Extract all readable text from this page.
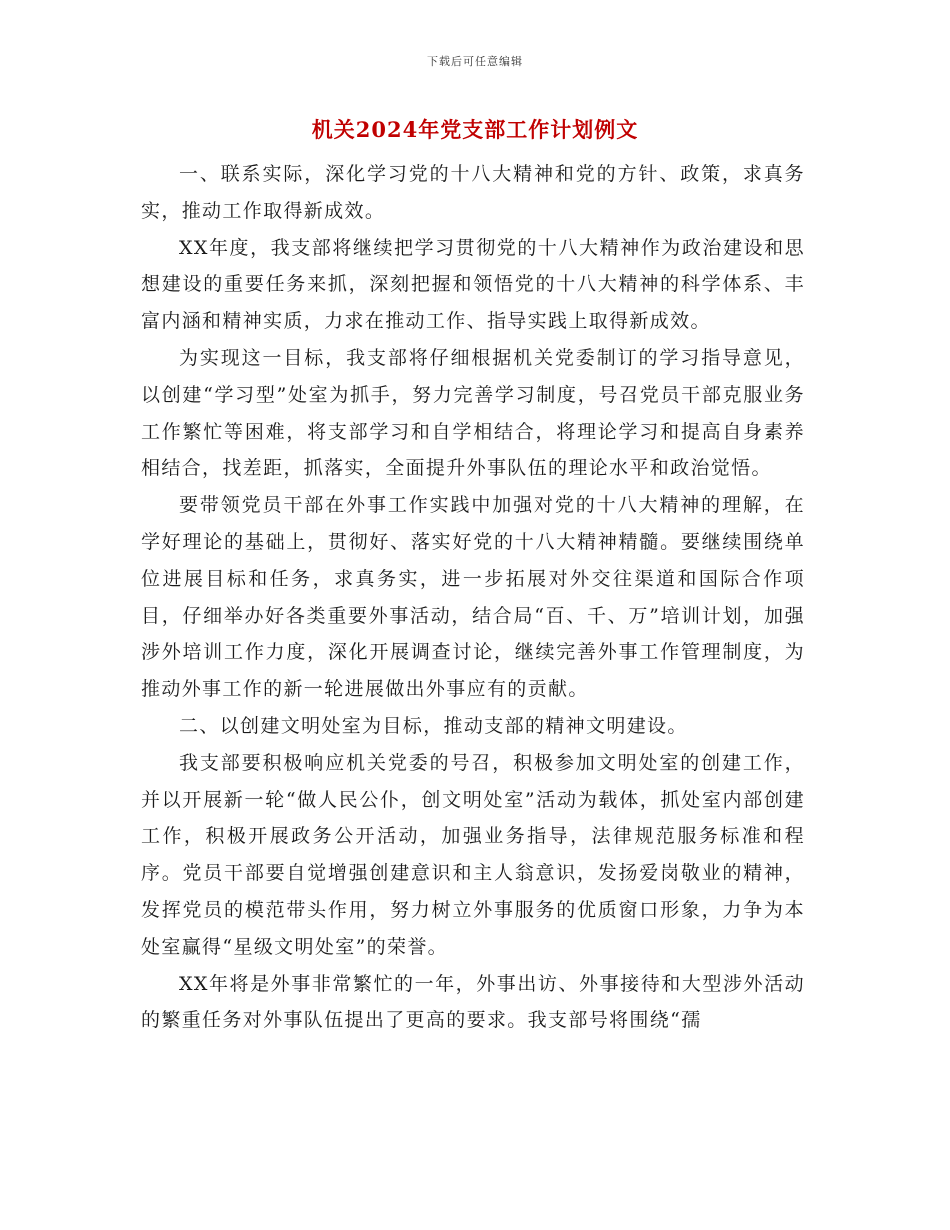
下载后可任意编辑
机关2024年党支部工作计划例文

一、联系实际，深化学习党的十八大精神和党的方针、政策，求真务实，推动工作取得新成效。

XX年度，我支部将继续把学习贯彻党的十八大精神作为政治建设和思想建设的重要任务来抓，深刻把握和领悟党的十八大精神的科学体系、丰富内涵和精神实质，力求在推动工作、指导实践上取得新成效。

为实现这一目标，我支部将仔细根据机关党委制订的学习指导意见，以创建“学习型”处室为抓手，努力完善学习制度，号召党员干部克服业务工作繁忙等困难，将支部学习和自学相结合，将理论学习和提高自身素养相结合，找差距，抓落实，全面提升外事队伍的理论水平和政治觉悟。

要带领党员干部在外事工作实践中加强对党的十八大精神的理解，在学好理论的基础上，贯彻好、落实好党的十八大精神精髓。要继续围绕单位进展目标和任务，求真务实，进一步拓展对外交往渠道和国际合作项目，仔细举办好各类重要外事活动，结合局“百、千、万”培训计划，加强涉外培训工作力度，深化开展调查讨论，继续完善外事工作管理制度，为推动外事工作的新一轮进展做出外事应有的贡献。

二、以创建文明处室为目标，推动支部的精神文明建设。

我支部要积极响应机关党委的号召，积极参加文明处室的创建工作，并以开展新一轮“做人民公仆，创文明处室”活动为载体，抓处室内部创建工作，积极开展政务公开活动，加强业务指导，法律规范服务标准和程序。党员干部要自觉增强创建意识和主人翁意识，发扬爱岗敬业的精神，发挥党员的模范带头作用，努力树立外事服务的优质窗口形象，力争为本处室赢得“星级文明处室”的荣誉。

XX年将是外事非常繁忙的一年，外事出访、外事接待和大型涉外活动的繁重任务对外事队伍提出了更高的要求。我支部号将围绕“孺
